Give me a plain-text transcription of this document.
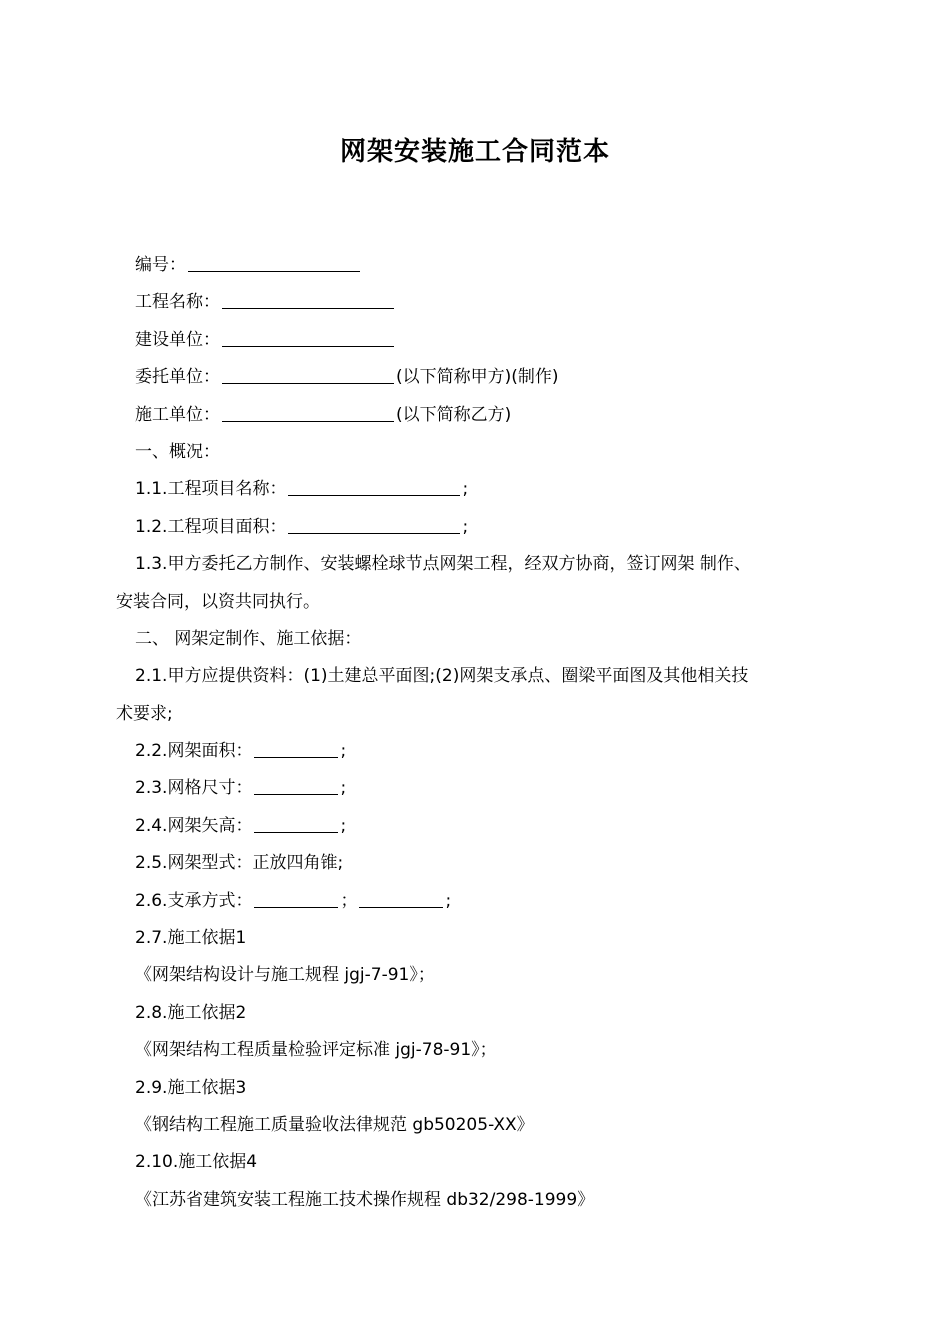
网架安装施工合同范本
编号：
工程名称：
建设单位：
委托单位：	(以下简称甲方)(制作)
施工单位：	(以下简称乙方)
一、概况：
1.1.工程项目名称：	;
1.2.工程项目面积：	;
1.3.甲方委托乙方制作、安装螺栓球节点网架工程，经双方协商，签订网架 制作、
安装合同，以资共同执行。
二、 网架定制作、施工依据：
2.1.甲方应提供资料：(1)土建总平面图;(2)网架支承点、圈梁平面图及其他相关技
术要求;
2.2.网架面积：	;
2.3.网格尺寸：	;
2.4.网架矢高：	;
2.5.网架型式：正放四角锥;
2.6.支承方式：	；	;
2.7.施工依据1
《网架结构设计与施工规程 jgj-7-91》；
2.8.施工依据2
《网架结构工程质量检验评定标准 jgj-78-91》；
2.9.施工依据3
《钢结构工程施工质量验收法律规范 gb50205-XX》
2.10.施工依据4
《江苏省建筑安装工程施工技术操作规程 db32/298-1999》
